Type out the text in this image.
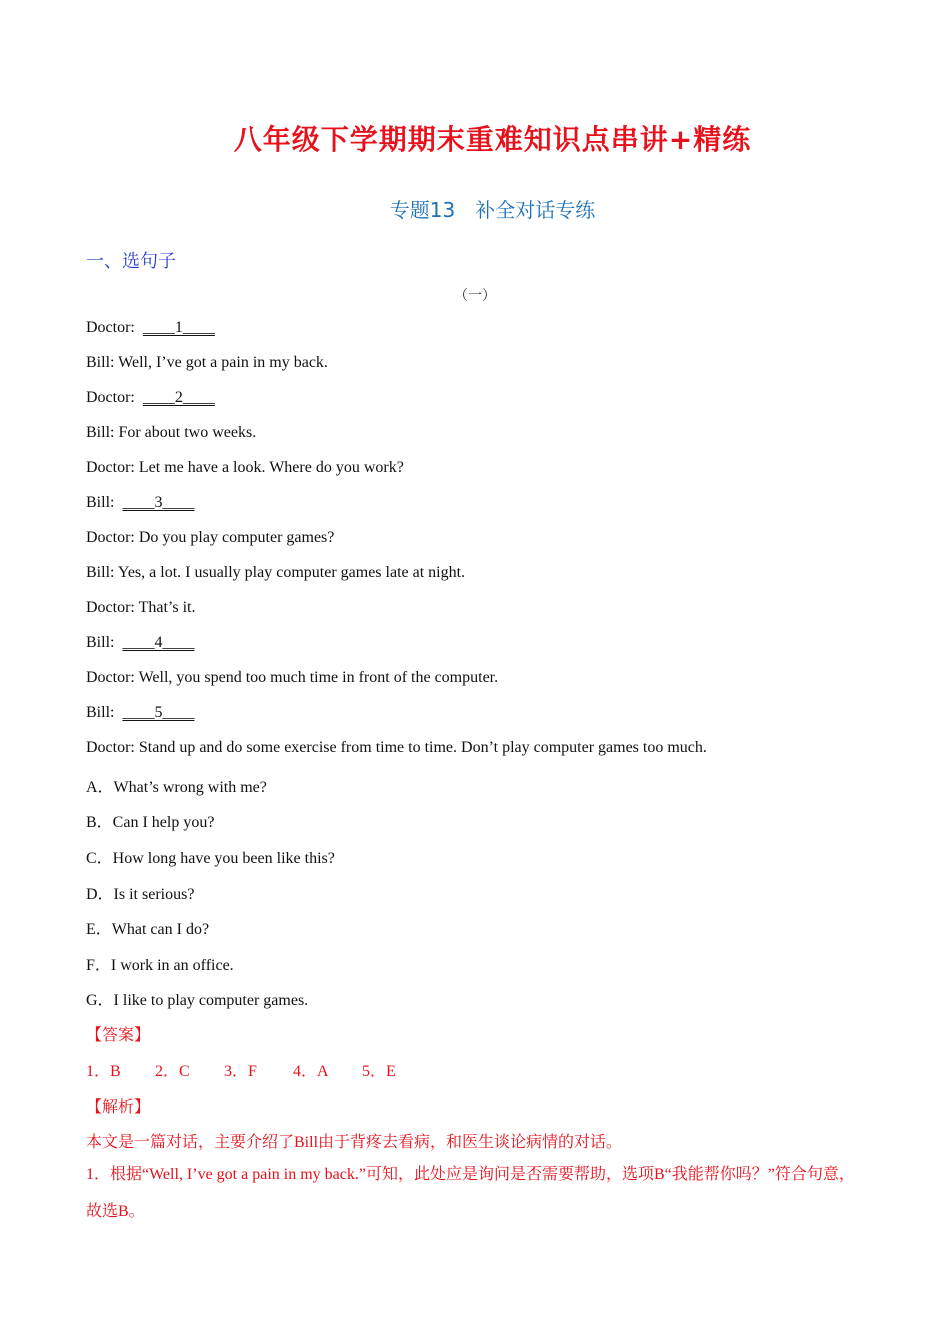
八年级下学期期末重难知识点串讲+精练
专题13　补全对话专练
一、选句子
（一）
Doctor: ____1____
Bill: Well, I’ve got a pain in my back.
Doctor: ____2____
Bill: For about two weeks.
Doctor: Let me have a look. Where do you work?
Bill: ____3____
Doctor: Do you play computer games?
Bill: Yes, a lot. I usually play computer games late at night.
Doctor: That’s it.
Bill: ____4____
Doctor: Well, you spend too much time in front of the computer.
Bill: ____5____
Doctor: Stand up and do some exercise from time to time. Don’t play computer games too much.
A．What’s wrong with me?
B．Can I help you?
C．How long have you been like this?
D．Is it serious?
E．What can I do?
F．I work in an office.
G．I like to play computer games.
【答案】
1．B 2．C 3．F 4．A 5．E
【解析】
本文是一篇对话，主要介绍了Bill由于背疼去看病，和医生谈论病情的对话。
1．根据“Well, I’ve got a pain in my back.”可知，此处应是询问是否需要帮助，选项B“我能帮你吗？”符合句意，故选B。
